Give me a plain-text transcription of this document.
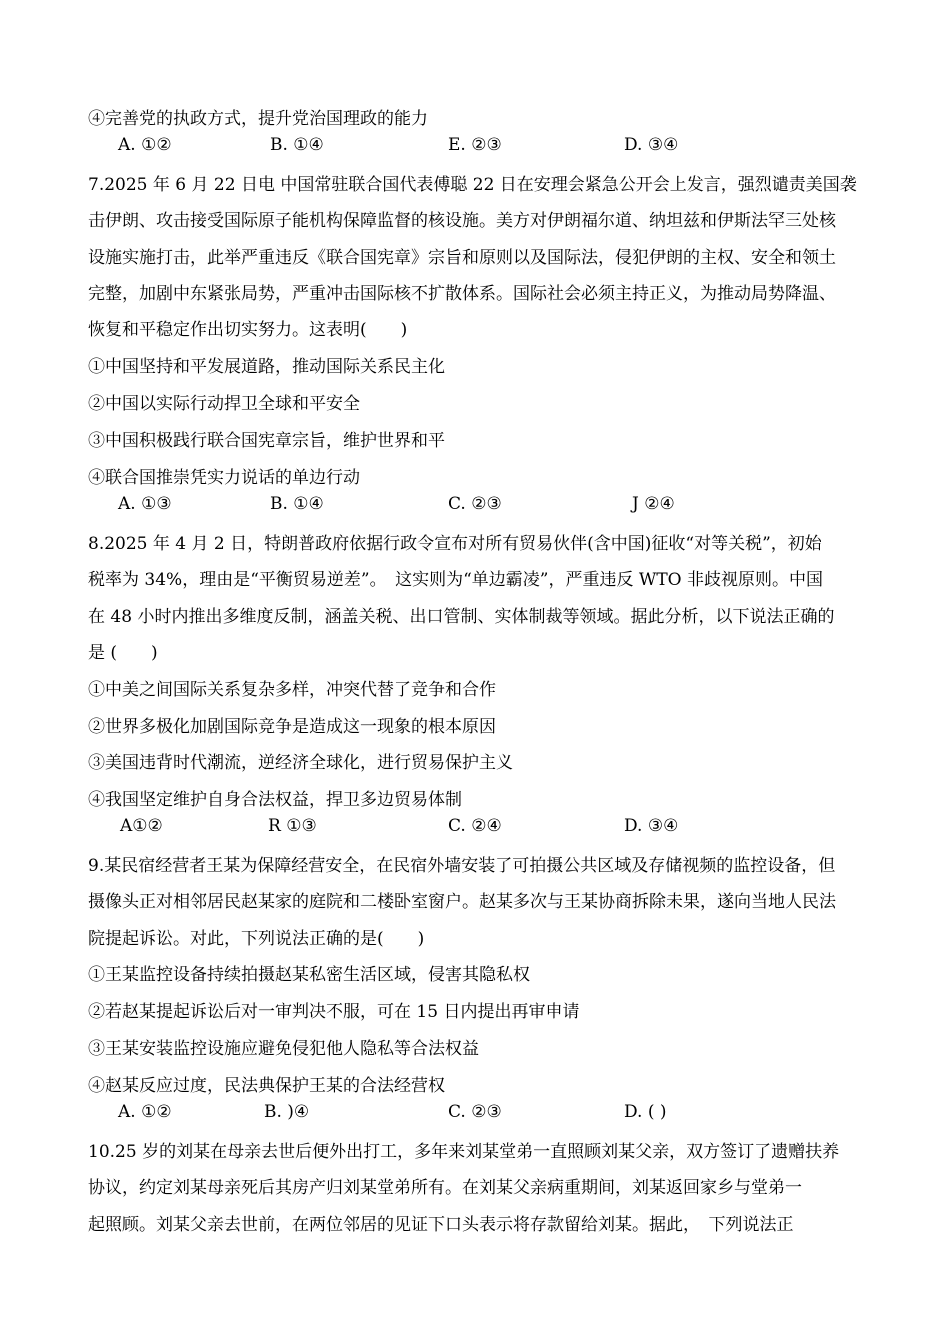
④完善党的执政方式，提升党治国理政的能力
A. ①②	B. ①④	E. ②③	D. ③④
7.2025 年 6 月 22 日电 中国常驻联合国代表傅聪 22 日在安理会紧急公开会上发言，强烈谴责美国袭
击伊朗、攻击接受国际原子能机构保障监督的核设施。美方对伊朗福尔道、纳坦兹和伊斯法罕三处核
设施实施打击，此举严重违反《联合国宪章》宗旨和原则以及国际法，侵犯伊朗的主权、安全和领土
完整，加剧中东紧张局势，严重冲击国际核不扩散体系。国际社会必须主持正义，为推动局势降温、
恢复和平稳定作出切实努力。这表明(　　)
①中国坚持和平发展道路，推动国际关系民主化
②中国以实际行动捍卫全球和平安全
③中国积极践行联合国宪章宗旨，维护世界和平
④联合国推崇凭实力说话的单边行动
A. ①③	B. ①④	C. ②③	J ②④
8.2025 年 4 月 2 日，特朗普政府依据行政令宣布对所有贸易伙伴(含中国)征收“对等关税”，初始
税率为 34%，理由是“平衡贸易逆差”。　这实则为“单边霸凌”，严重违反 WTO 非歧视原则。中国
在 48 小时内推出多维度反制，涵盖关税、出口管制、实体制裁等领域。据此分析，以下说法正确的
是 (　　)
①中美之间国际关系复杂多样，冲突代替了竞争和合作
②世界多极化加剧国际竞争是造成这一现象的根本原因
③美国违背时代潮流，逆经济全球化，进行贸易保护主义
④我国坚定维护自身合法权益，捍卫多边贸易体制
A①②	R ①③	C. ②④	D. ③④
9.某民宿经营者王某为保障经营安全，在民宿外墙安装了可拍摄公共区域及存储视频的监控设备，但
摄像头正对相邻居民赵某家的庭院和二楼卧室窗户。赵某多次与王某协商拆除未果，遂向当地人民法
院提起诉讼。对此，下列说法正确的是(　　)
①王某监控设备持续拍摄赵某私密生活区域，侵害其隐私权
②若赵某提起诉讼后对一审判决不服，可在 15 日内提出再审申请
③王某安装监控设施应避免侵犯他人隐私等合法权益
④赵某反应过度，民法典保护王某的合法经营权
A. ①②	B. )④	C. ②③	D. ( )
10.25 岁的刘某在母亲去世后便外出打工，多年来刘某堂弟一直照顾刘某父亲，双方签订了遗赠扶养
协议，约定刘某母亲死后其房产归刘某堂弟所有。在刘某父亲病重期间，刘某返回家乡与堂弟一
起照顾。刘某父亲去世前，在两位邻居的见证下口头表示将存款留给刘某。据此，　下列说法正
